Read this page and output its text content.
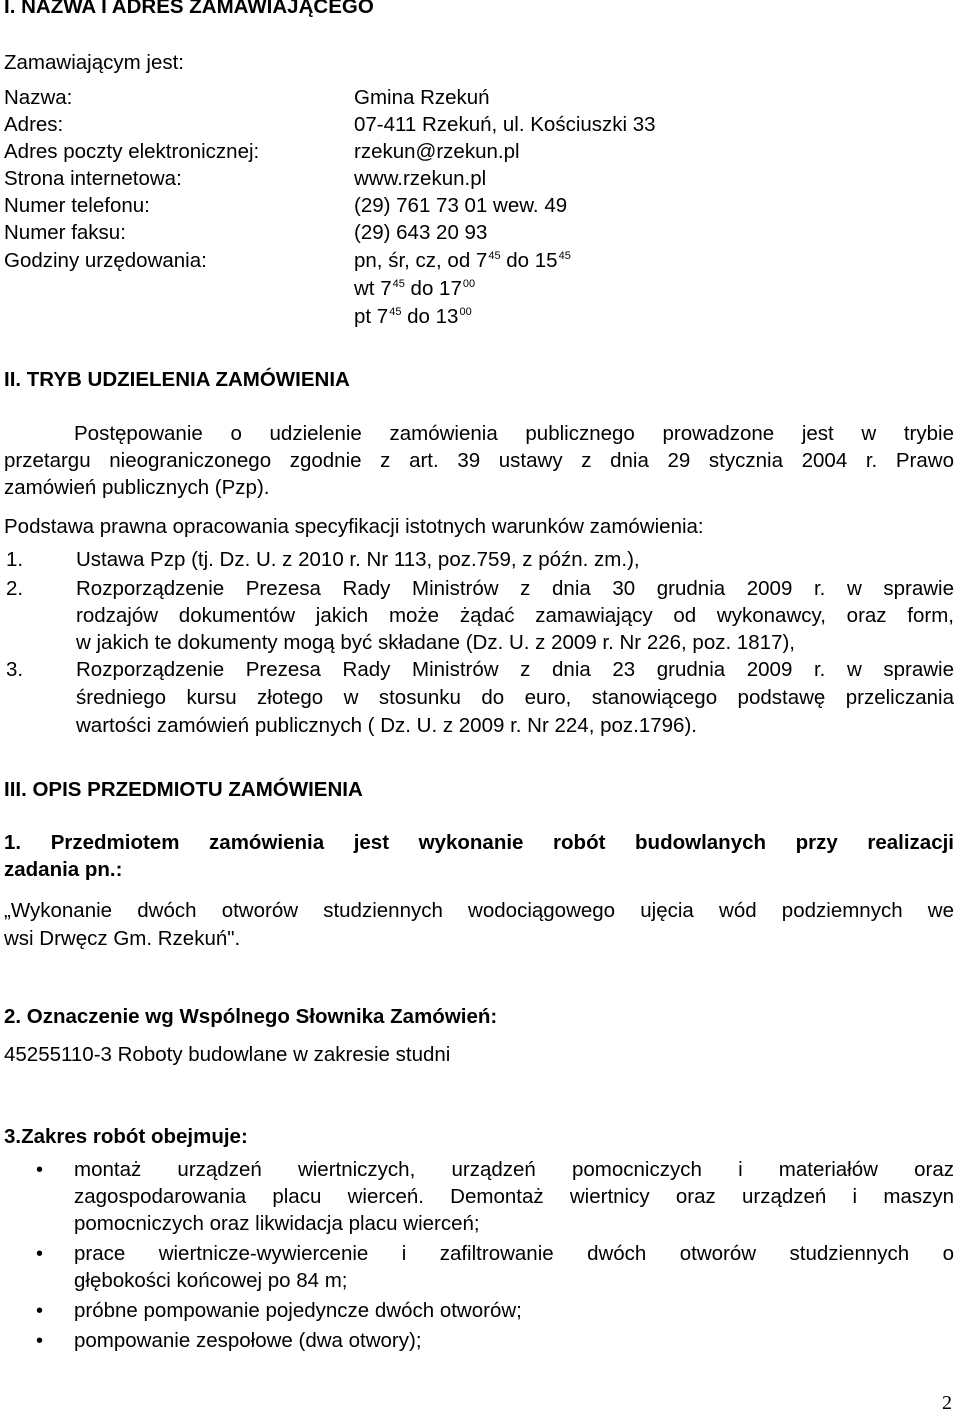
I. NAZWA I ADRES ZAMAWIAJĄCEGO
Zamawiającym jest:
Nazwa:	Gmina Rzekuń
Adres:	07-411 Rzekuń, ul. Kościuszki 33
Adres poczty elektronicznej:	rzekun@rzekun.pl
Strona internetowa:	www.rzekun.pl
Numer telefonu:	(29) 761 73 01 wew. 49
Numer faksu:	(29) 643 20 93
Godziny urzędowania:	pn, śr, cz, od $7^{45}$ do $15^{45}$
wt $7^{45}$ do $17^{00}$
pt $7^{45}$ do $13^{00}$
II. TRYB UDZIELENIA ZAMÓWIENIA
Postępowanie o udzielenie zamówienia publicznego prowadzone jest w trybie
przetargu nieograniczonego zgodnie z art. 39 ustawy z dnia 29 stycznia 2004 r. Prawo
zamówień publicznych (Pzp).
Podstawa prawna opracowania specyfikacji istotnych warunków zamówienia:
1.	Ustawa Pzp (tj. Dz. U. z 2010 r. Nr 113, poz.759, z późn. zm.),
2.	Rozporządzenie Prezesa Rady Ministrów z dnia 30 grudnia 2009 r. w sprawie
rodzajów dokumentów jakich może żądać zamawiający od wykonawcy, oraz form,
w jakich te dokumenty mogą być składane (Dz. U. z 2009 r. Nr 226, poz. 1817),
3.	Rozporządzenie Prezesa Rady Ministrów z dnia 23 grudnia 2009 r. w sprawie
średniego kursu złotego w stosunku do euro, stanowiącego podstawę przeliczania
wartości zamówień publicznych ( Dz. U. z 2009 r. Nr 224, poz.1796).
III. OPIS PRZEDMIOTU ZAMÓWIENIA
1. Przedmiotem zamówienia jest wykonanie robót budowlanych przy realizacji
zadania pn.:
„Wykonanie dwóch otworów studziennych wodociągowego ujęcia wód podziemnych we
wsi Drwęcz Gm. Rzekuń".
2. Oznaczenie wg Wspólnego Słownika Zamówień:
45255110-3 Roboty budowlane w zakresie studni
3.Zakres robót obejmuje:
• montaż urządzeń wiertniczych, urządzeń pomocniczych i materiałów oraz
zagospodarowania placu wierceń. Demontaż wiertnicy oraz urządzeń i maszyn
pomocniczych oraz likwidacja placu wierceń;
• prace wiertnicze-wywiercenie i zafiltrowanie dwóch otworów studziennych o
głębokości końcowej po 84 m;
• próbne pompowanie pojedyncze dwóch otworów;
• pompowanie zespołowe (dwa otwory);
2
